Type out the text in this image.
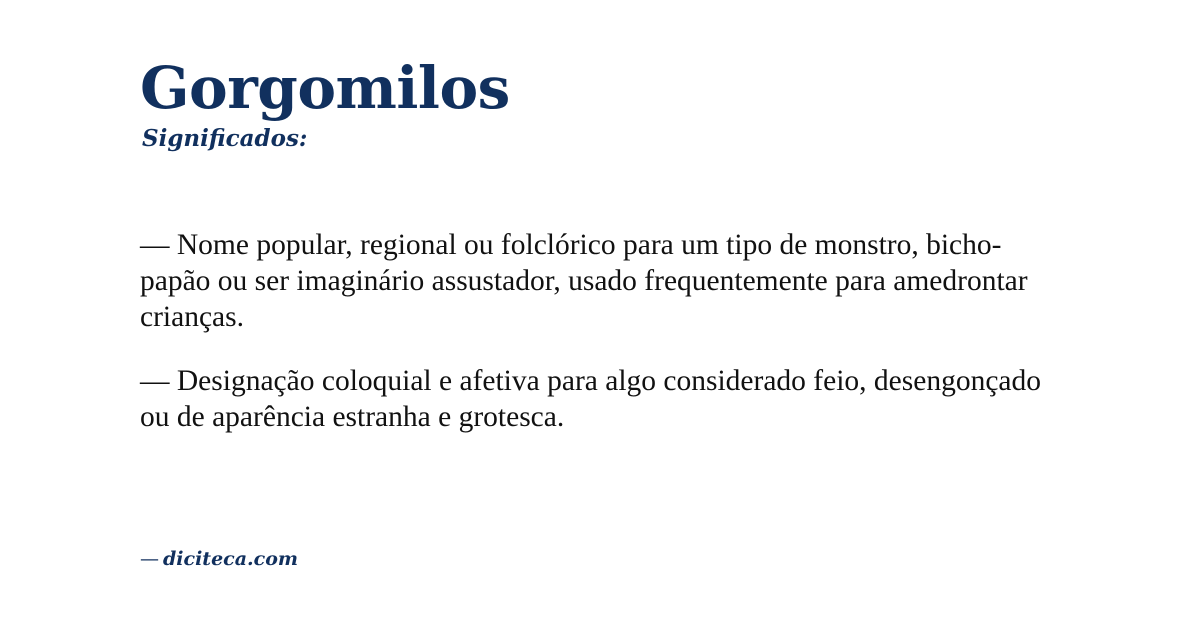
Gorgomilos
Significados:

— Nome popular, regional ou folclórico para um tipo de monstro, bicho-papão ou ser imaginário assustador, usado frequentemente para amedrontar crianças.

— Designação coloquial e afetiva para algo considerado feio, desengonçado ou de aparência estranha e grotesca.

— diciteca.com
